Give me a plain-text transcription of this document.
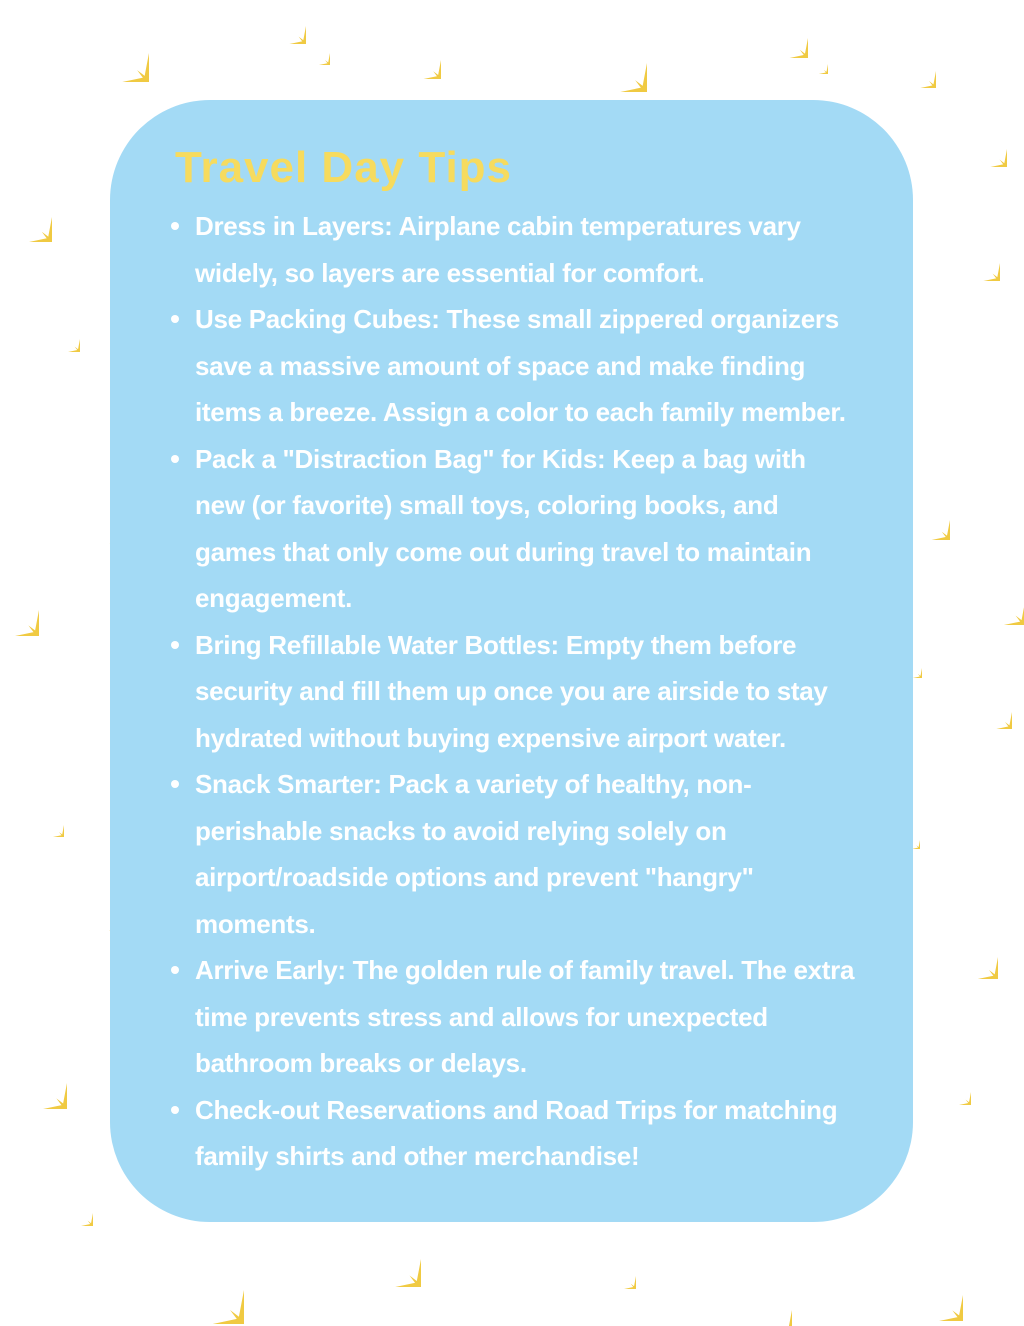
Travel Day Tips
Dress in Layers: Airplane cabin temperatures vary
widely, so layers are essential for comfort.
Use Packing Cubes: These small zippered organizers
save a massive amount of space and make finding
items a breeze. Assign a color to each family member.
Pack a "Distraction Bag" for Kids: Keep a bag with
new (or favorite) small toys, coloring books, and
games that only come out during travel to maintain
engagement.
Bring Refillable Water Bottles: Empty them before
security and fill them up once you are airside to stay
hydrated without buying expensive airport water.
Snack Smarter: Pack a variety of healthy, non-
perishable snacks to avoid relying solely on
airport/roadside options and prevent "hangry"
moments.
Arrive Early: The golden rule of family travel. The extra
time prevents stress and allows for unexpected
bathroom breaks or delays.
Check-out Reservations and Road Trips for matching
family shirts and other merchandise!
